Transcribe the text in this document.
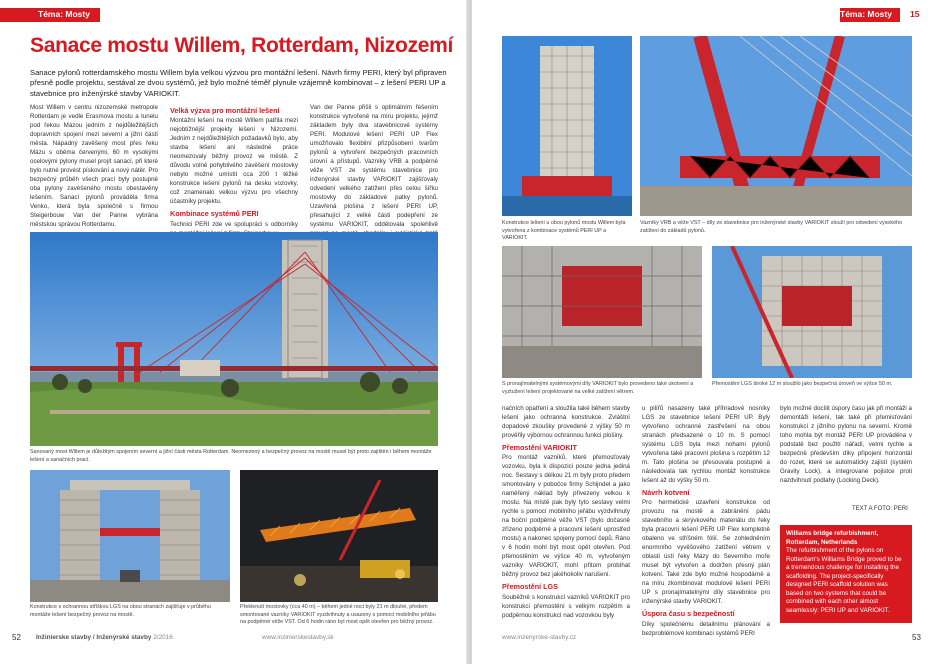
Téma: Mosty
Sanace mostu Willem, Rotterdam, Nizozemí

Sanace pylonů rotterdamského mostu Willem byla velkou výzvou pro montážní lešení. Návrh firmy PERI, který byl připraven přesně podle projektu, sestával ze dvou systémů, jež bylo možné téměř plynule vzájemně kombinovat – z lešení PERI UP a stavebnice pro inženýrské stavby VARIOKIT.

Most Willem v centru nizozemské metropole Rotterdam je vedle Erasmova mostu a tunelu pod řekou Mázou jedním z nejdůležitějších dopravních spojení mezi severní a jižní částí města. Nápadný zavěšený most přes řeku Mázu s oběma červenými, 60 m vysokými ocelovými pylony musel projít sanací, při které bylo nutné provést pískování a nový nátěr. Pro bezpečný průběh všech prací byly postupně oba pylony zavěšeného mostu obestavěny lešením. Sanací pylonů prováděla firma Venko, která byla společně s firmou Steigerbouw Van der Panne vybrána městskou správou Rotterdamu.

Velká výzva pro montážní lešení

Montážní lešení na mostě Willem patřila mezi nejobtížnější projekty lešení v Nizozemí. Jedním z nejdůležitějších požadavků bylo, aby stavba lešení ani následné práce neomezovaly běžný provoz ve městě. Z důvodu volně pohyblivého zavěšení mostovky nebylo možné umístit cca 200 t těžké konstrukce lešení pylonů na desku vozovky, což znamenalo velkou výzvu pro všechny účastníky projektu.

Kombinace systémů PERI

Technici PERI zde ve spolupráci s odborníky

Van der Panne přišli s optimálním řešením konstrukce vytvořené na míru projektu, jejímž základem byly dva stavebnicové systémy PERI. Modulové lešení PERI UP Flex umožňovalo flexibilní přizpůsobení tvarům pylonů a vytvoření bezpečných pracovních úrovní a přístupů. Vazníky VRB a podpěrné věže VST ze systému stavebnice pro inženýrské stavby VARIOKIT zajišťovaly odvedení velkého zatížení přes celou šířku mostovky do základové patky pylonů. Uzavřená plošina z lešení PERI UP, přesahující z velké části podepření ze systému VARIOKIT, oddělovala spolehlivě

Sanovaný most Willem je důležitým spojením severní a jižní části města Rotterdam. Neomezený a bezpečný provoz na mostě musel být proto zajištěn i během montáže lešení a sanačních prací.

Konstrukce s ochrannou stříškou LGS na obou stranách zajišťuje v průběhu montáže lešení bezpečný provoz na mostě.

Překlenutí mostovky (cca 40 m) – během jedné noci byly 21 m dlouhé, předem smontované vazníky VARIOKIT vyzdvihnuty a usazeny s pomocí mobilního jeřábu na podpěrné věže VST. Od 6 hodin ráno byl most opět otevřen pro běžný provoz.

52 Inžinierske stavby / Inženýrské stavby 2/2016	www.inzinierskestavby.sk
Téma: Mosty 15

Konstrukce lešení u obou pylonů mostu Willem byla vytvořena z kombinace systémů PERI UP a VARIOKIT.

Vazníky VRB a věže VST – díly ze stavebnice pro inženýrské stavby VARIOKIT slouží pro odvedení vysokého zatížení do základů pylonů.

S pronajímatelnými systémovými díly VARIOKIT bylo provedeno také ukotvení a vyztužení lešení projektované na velké zatížení větrem.

Přemostění LGS široké 12 m sloužilo jako bezpečná úroveň ve výšce 50 m.

načních opatření a sloužila také během stavby lešení jako ochranná konstrukce. Zvláštní dopadové zkoušky provedené z výšky 50 m prověřily výbornou ochrannou funkci plošiny.

Přemostění VARIOKIT

Pro montáž vazníků, které přemosťovaly vozovku, byla k dispozici pouze jedna jediná noc. Sestavy s délkou 21 m byly proto předem smontovány v pobočce firmy Schijndel a jako naměřený náklad byly přivezeny velkou k mostu. Na místě pak byly tyto sestavy velmi rychle s pomocí mobilního jeřábu vyzdvihnuty na boční podpěrné věže VST (bylo dočasně zřízeno podpěrné a pracovní lešení uprostřed mostu) a nakonec spojeny pomocí čepů. Ráno v 6 hodin mohl být most opět otevřen. Pod přemostěním ve výšce 40 m, vytvořeným vazníky VARIOKIT, mohl přitom probíhat běžný provoz bez jakéhokoliv narušení.

Přemostění LGS

Souběžně s konstrukcí vazníků VARIOKIT pro konstrukci přemostění s velkým rozpětím a podpěrnou konstrukcí nad vozovkou byly

u pilířů nasazeny také příhradové nosníky LGS ze stavebnice lešení PERI UP. Byly vytvořeno ochranné zastřešení na obou stranách předsazené o 10 m. S pomocí systému LGS byla mezi nohami pylonů vytvořena také pracovní plošina s rozpětím 12 m. Tato plošina se přesouvala postupně a následovala tak rychlou montáž konstrukce lešení až do výšky 50 m.

Návrh kotvení

Pro hermetické uzavření konstrukce od provozu na mostě a zabránění pádu stavebního a skrývkového materiálu do řeky byla pracovní lešení PERI UP Flex kompletně obaleno ve stříšném fólií. Se zohledněním enormního vyvěšového zatížení větrem v oblasti ústí řeky Mázy do Severního moře musel být vytvořen a dodržen přesný plán kotvení. Také zde bylo možné hospodárně a na míru zkombinovat modulové lešení PERI UP s pronajímatelnými díly stavebnice pro inženýrské stavby VARIOKIT.

Úspora času s bezpečností

Díky společnému detailnímu plánování a bezproblémové kombinaci systémů PERI

bylo možné docílit úspory času jak při montáži a demontáži lešení, tak také při přemisťování konstrukcí z jižního pylonu na severní. Kromě toho mohla být montáž PERI UP prováděna v podstatě bez použití nářadí, velmi rychle a bezpečně především díky připojení horizontál do rozet, které se automaticky zajistí (systém Gravity Lock), a integrované pojistce proti nazdvihnutí podlahy (Locking Deck).

TEXT A FOTO: PERI
Williams bridge refurbishment, Rotterdam, Netherlands

The refurbishment of the pylons on Rotterdam's Williams Bridge proved to be a tremendous challenge for installing the scaffolding. The project-specifically designed PERI scaffold solution was based on two systems that could be combined with each other almost seamlessly: PERI UP and VARIOKIT.

www.inzenyrske-stavby.cz	53
